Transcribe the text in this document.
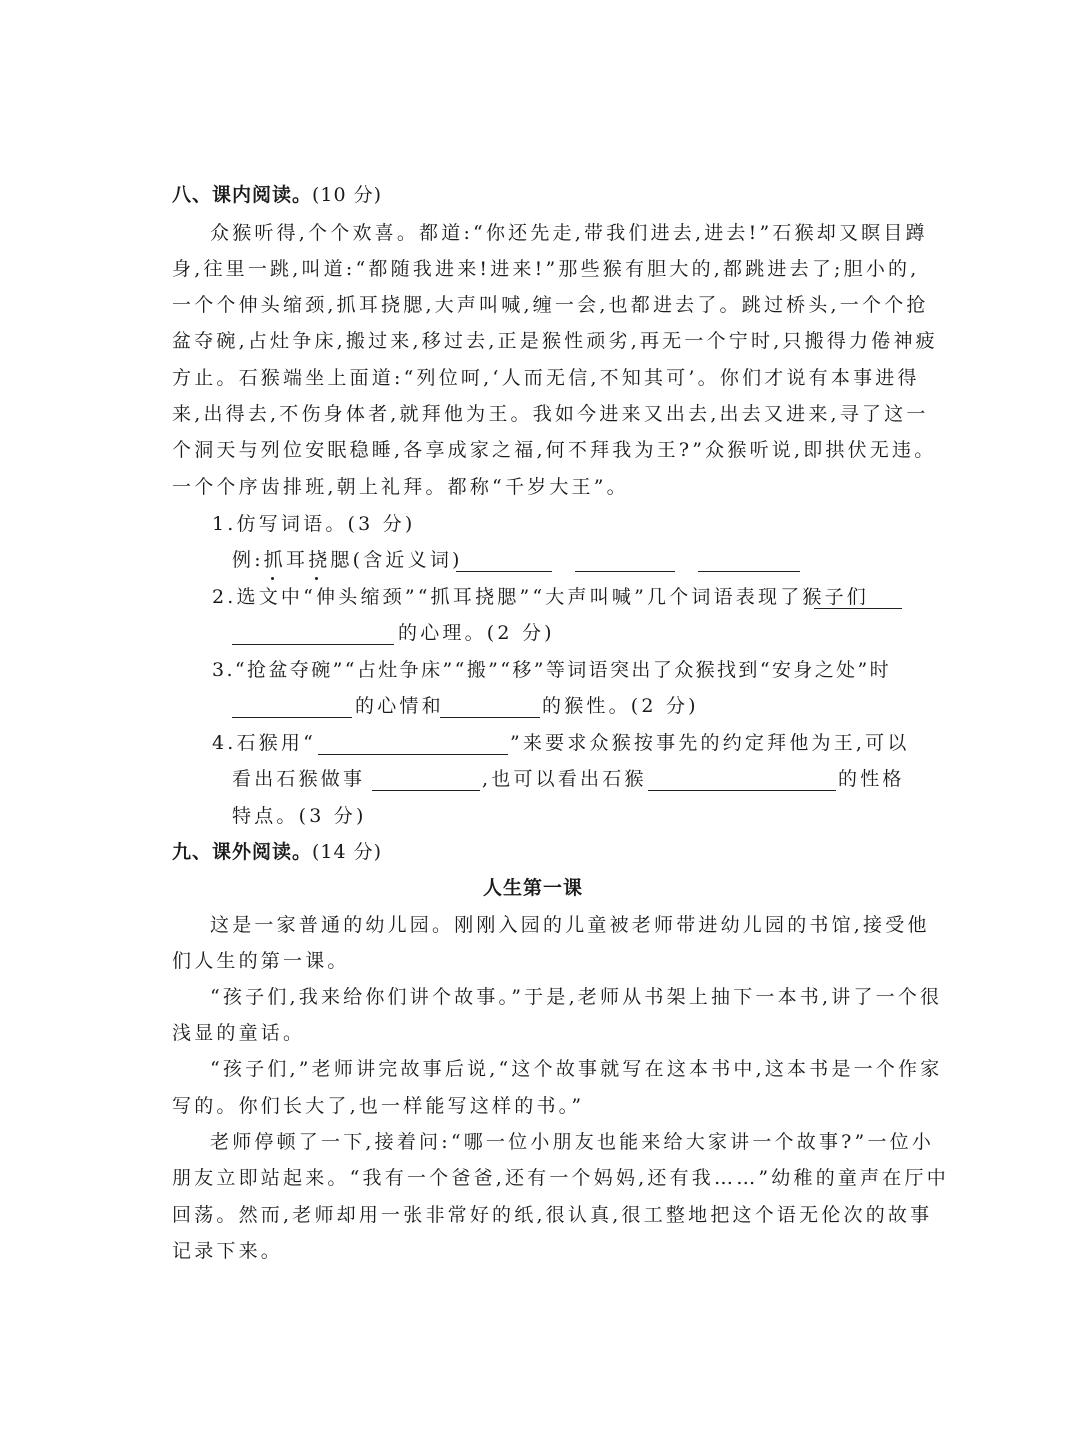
八、课内阅读。(10 分)
众猴听得,个个欢喜。都道:“你还先走,带我们进去,进去!”石猴却又瞑目蹲
身,往里一跳,叫道:“都随我进来!进来!”那些猴有胆大的,都跳进去了;胆小的,
一个个伸头缩颈,抓耳挠腮,大声叫喊,缠一会,也都进去了。跳过桥头,一个个抢
盆夺碗,占灶争床,搬过来,移过去,正是猴性顽劣,再无一个宁时,只搬得力倦神疲
方止。石猴端坐上面道:“列位呵,‘人而无信,不知其可’。你们才说有本事进得
来,出得去,不伤身体者,就拜他为王。我如今进来又出去,出去又进来,寻了这一
个洞天与列位安眠稳睡,各享成家之福,何不拜我为王?”众猴听说,即拱伏无违。
一个个序齿排班,朝上礼拜。都称“千岁大王”。
1.仿写词语。(3 分)
例:抓耳挠腮(含近义词)
2.选文中“伸头缩颈”“抓耳挠腮”“大声叫喊”几个词语表现了猴子们
的心理。(2 分)
3.“抢盆夺碗”“占灶争床”“搬”“移”等词语突出了众猴找到“安身之处”时
的心情和	的猴性。(2 分)
4.石猴用“	”来要求众猴按事先的约定拜他为王,可以
看出石猴做事	,也可以看出石猴	的性格
特点。(3 分)
九、课外阅读。(14 分)
人生第一课
这是一家普通的幼儿园。刚刚入园的儿童被老师带进幼儿园的书馆,接受他
们人生的第一课。
“孩子们,我来给你们讲个故事。”于是,老师从书架上抽下一本书,讲了一个很
浅显的童话。
“孩子们,”老师讲完故事后说,“这个故事就写在这本书中,这本书是一个作家
写的。你们长大了,也一样能写这样的书。”
老师停顿了一下,接着问:“哪一位小朋友也能来给大家讲一个故事?”一位小
朋友立即站起来。“我有一个爸爸,还有一个妈妈,还有我……”幼稚的童声在厅中
回荡。然而,老师却用一张非常好的纸,很认真,很工整地把这个语无伦次的故事
记录下来。
